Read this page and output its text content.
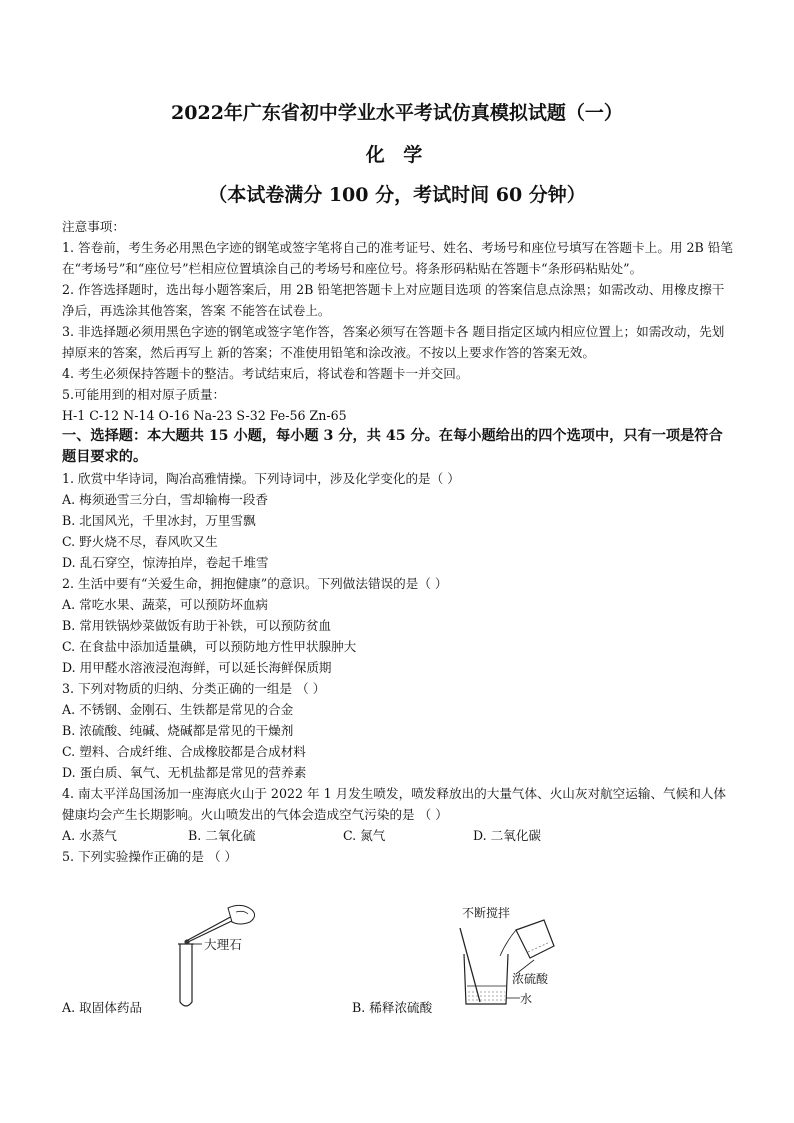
2022年广东省初中学业水平考试仿真模拟试题（一）
化 学
（本试卷满分 100 分，考试时间 60 分钟）

注意事项：

1. 答卷前，考生务必用黑色字迹的钢笔或签字笔将自己的准考证号、姓名、考场号和座位号填写在答题卡上。用 2B 铅笔在“考场号”和“座位号”栏相应位置填涂自己的考场号和座位号。将条形码粘贴在答题卡“条形码粘贴处”。

2. 作答选择题时，选出每小题答案后，用 2B 铅笔把答题卡上对应题目选项 的答案信息点涂黑；如需改动、用橡皮擦干净后，再选涂其他答案，答案 不能答在试卷上。

3. 非选择题必须用黑色字迹的钢笔或签字笔作答，答案必须写在答题卡各 题目指定区域内相应位置上；如需改动，先划掉原来的答案，然后再写上 新的答案；不准使用铅笔和涂改液。不按以上要求作答的答案无效。

4. 考生必须保持答题卡的整洁。考试结束后，将试卷和答题卡一并交回。

5.可能用到的相对原子质量：

H-1 C-12 N-14 O-16 Na-23 S-32 Fe-56 Zn-65

一、选择题：本大题共 15 小题，每小题 3 分，共 45 分。在每小题给出的四个选项中，只有一项是符合题目要求的。

1. 欣赏中华诗词，陶冶高雅情操。下列诗词中，涉及化学变化的是（ ）

A. 梅须逊雪三分白，雪却输梅一段香

B. 北国风光，千里冰封，万里雪飘

C. 野火烧不尽，春风吹又生

D. 乱石穿空，惊涛拍岸，卷起千堆雪

2. 生活中要有“关爱生命，拥抱健康”的意识。下列做法错误的是（ ）

A. 常吃水果、蔬菜，可以预防坏血病

B. 常用铁锅炒菜做饭有助于补铁，可以预防贫血

C. 在食盐中添加适量碘，可以预防地方性甲状腺肿大

D. 用甲醛水溶液浸泡海鲜，可以延长海鲜保质期

3. 下列对物质的归纳、分类正确的一组是 （ ）

A. 不锈钢、金刚石、生铁都是常见的合金

B. 浓硫酸、纯碱、烧碱都是常见的干燥剂

C. 塑料、合成纤维、合成橡胶都是合成材料

D. 蛋白质、氧气、无机盐都是常见的营养素

4. 南太平洋岛国汤加一座海底火山于 2022 年 1 月发生喷发，喷发释放出的大量气体、火山灰对航空运输、气候和人体健康均会产生长期影响。火山喷发出的气体会造成空气污染的是 （ ）

A. 水蒸气	B. 二氧化硫	C. 氮气	D. 二氧化碳

5. 下列实验操作正确的是 （ ）

大理石
不断搅拌
浓硫酸
水
A. 取固体药品	B. 稀释浓硫酸
